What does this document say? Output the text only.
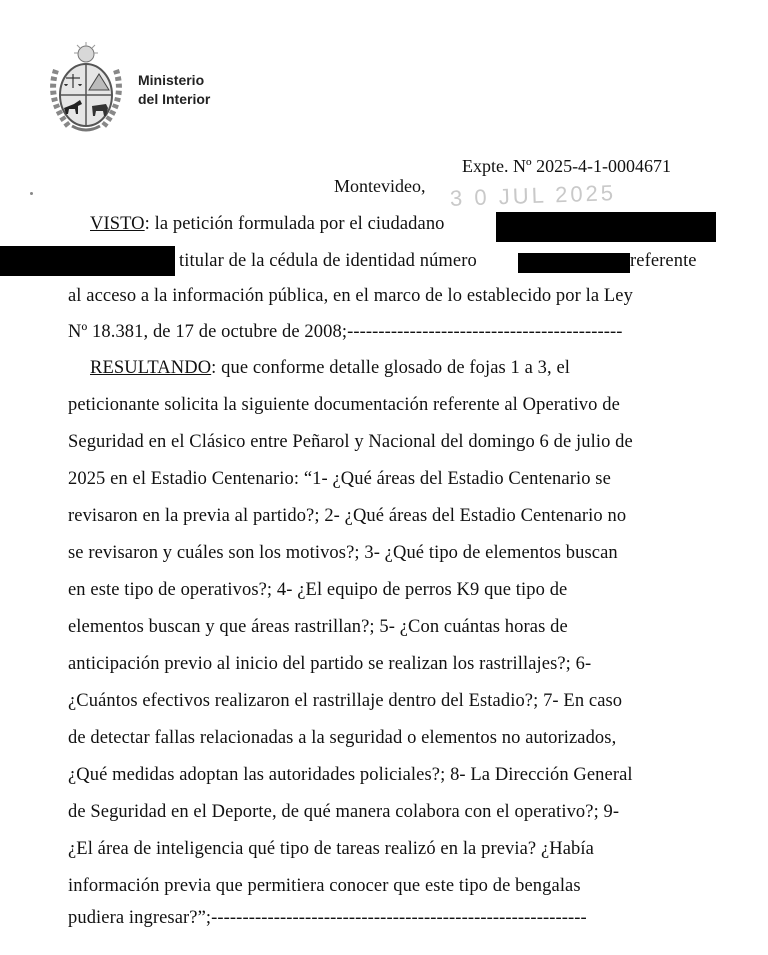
Ministerio
del Interior
Expte. Nº 2025-4-1-0004671
Montevideo, 3 0 JUL 2025
VISTO: la petición formulada por el ciudadano
titular de la cédula de identidad número	referente
al acceso a la información pública, en el marco de lo establecido por la Ley
Nº 18.381, de 17 de octubre de 2008;--------------------------------------------
RESULTANDO: que conforme detalle glosado de fojas 1 a 3, el
peticionante solicita la siguiente documentación referente al Operativo de
Seguridad en el Clásico entre Peñarol y Nacional del domingo 6 de julio de
2025 en el Estadio Centenario: “1- ¿Qué áreas del Estadio Centenario se
revisaron en la previa al partido?; 2- ¿Qué áreas del Estadio Centenario no
se revisaron y cuáles son los motivos?; 3- ¿Qué tipo de elementos buscan
en este tipo de operativos?; 4- ¿El equipo de perros K9 que tipo de
elementos buscan y que áreas rastrillan?; 5- ¿Con cuántas horas de
anticipación previo al inicio del partido se realizan los rastrillajes?; 6-
¿Cuántos efectivos realizaron el rastrillaje dentro del Estadio?; 7- En caso
de detectar fallas relacionadas a la seguridad o elementos no autorizados,
¿Qué medidas adoptan las autoridades policiales?; 8- La Dirección General
de Seguridad en el Deporte, de qué manera colabora con el operativo?; 9-
¿El área de inteligencia qué tipo de tareas realizó en la previa? ¿Había
información previa que permitiera conocer que este tipo de bengalas
pudiera ingresar?”;------------------------------------------------------------
